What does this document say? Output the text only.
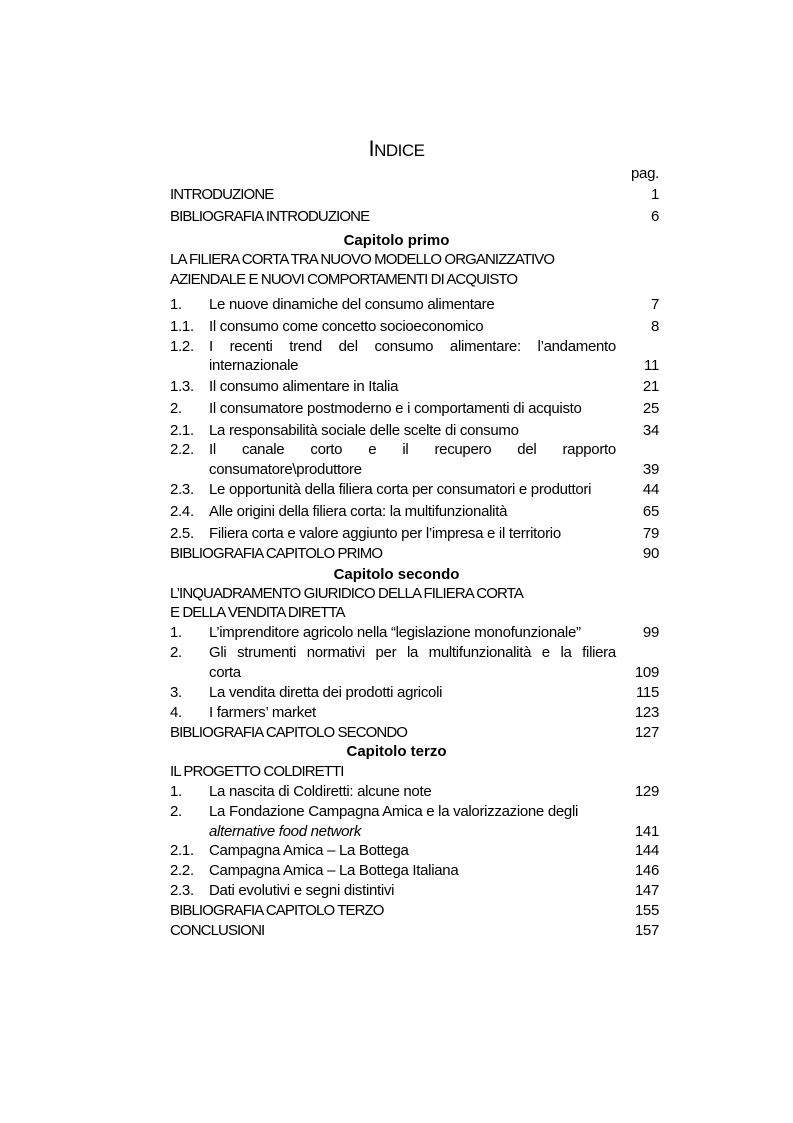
INDICE
pag.
INTRODUZIONE	1
BIBLIOGRAFIA INTRODUZIONE	6
Capitolo primo
LA FILIERA CORTA TRA NUOVO MODELLO ORGANIZZATIVO
AZIENDALE E NUOVI COMPORTAMENTI DI ACQUISTO
1. Le nuove dinamiche del consumo alimentare	7
1.1. Il consumo come concetto socioeconomico	8
1.2. I recenti trend del consumo alimentare: l’andamento
internazionale	11
1.3. Il consumo alimentare in Italia	21
2. Il consumatore postmoderno e i comportamenti di acquisto	25
2.1. La responsabilità sociale delle scelte di consumo	34
2.2. Il canale corto e il recupero del rapporto
consumatore\produttore	39
2.3. Le opportunità della filiera corta per consumatori e produttori	44
2.4. Alle origini della filiera corta: la multifunzionalità	65
2.5. Filiera corta e valore aggiunto per l’impresa e il territorio	79
BIBLIOGRAFIA CAPITOLO PRIMO	90
Capitolo secondo
L’INQUADRAMENTO GIURIDICO DELLA FILIERA CORTA
E DELLA VENDITA DIRETTA
1. L’imprenditore agricolo nella “legislazione monofunzionale”	99
2. Gli strumenti normativi per la multifunzionalità e la filiera
corta	109
3. La vendita diretta dei prodotti agricoli	115
4. I farmers’ market	123
BIBLIOGRAFIA CAPITOLO SECONDO	127
Capitolo terzo
IL PROGETTO COLDIRETTI
1. La nascita di Coldiretti: alcune note	129
2. La Fondazione Campagna Amica e la valorizzazione degli
alternative food network	141
2.1. Campagna Amica – La Bottega	144
2.2. Campagna Amica – La Bottega Italiana	146
2.3. Dati evolutivi e segni distintivi	147
BIBLIOGRAFIA CAPITOLO TERZO	155
CONCLUSIONI	157
